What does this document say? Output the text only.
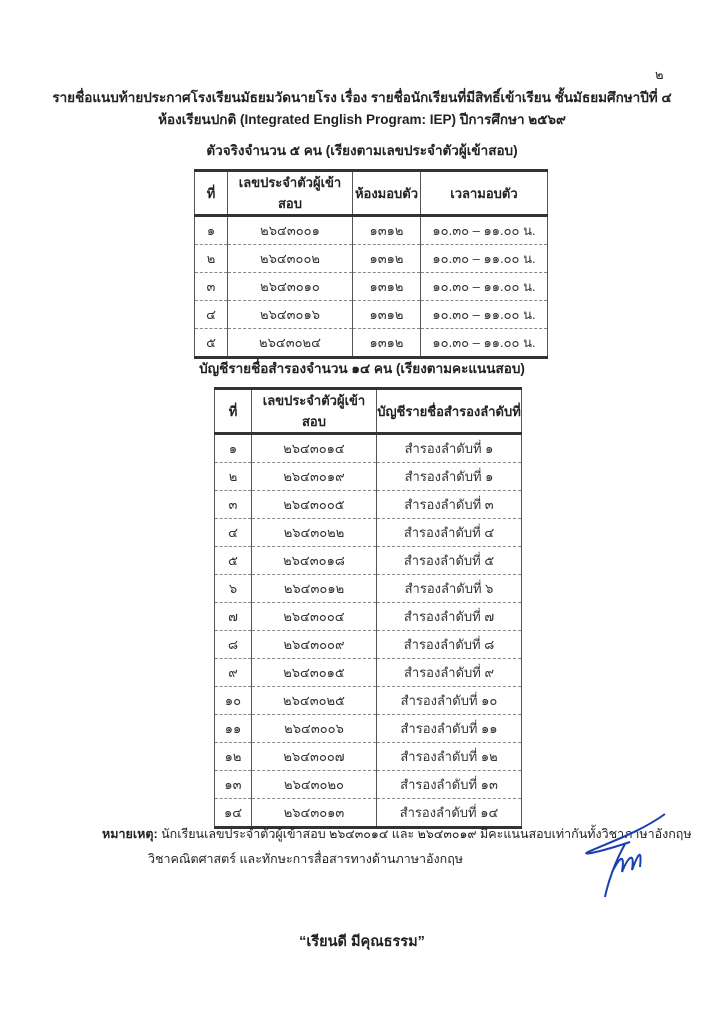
๒
รายชื่อแนบท้ายประกาศโรงเรียนมัธยมวัดนายโรง เรื่อง รายชื่อนักเรียนที่มีสิทธิ์เข้าเรียน ชั้นมัธยมศึกษาปีที่ ๔
ห้องเรียนปกติ (Integrated English Program: IEP) ปีการศึกษา ๒๕๖๙
ตัวจริงจำนวน ๕ คน (เรียงตามเลขประจำตัวผู้เข้าสอบ)
ที่	เลขประจำตัวผู้เข้าสอบ	ห้องมอบตัว	เวลามอบตัว
๑	๒๖๔๓๐๐๑	๑๓๑๒	๑๐.๓๐ – ๑๑.๐๐ น.
๒	๒๖๔๓๐๐๒	๑๓๑๒	๑๐.๓๐ – ๑๑.๐๐ น.
๓	๒๖๔๓๐๑๐	๑๓๑๒	๑๐.๓๐ – ๑๑.๐๐ น.
๔	๒๖๔๓๐๑๖	๑๓๑๒	๑๐.๓๐ – ๑๑.๐๐ น.
๕	๒๖๔๓๐๒๔	๑๓๑๒	๑๐.๓๐ – ๑๑.๐๐ น.
บัญชีรายชื่อสำรองจำนวน ๑๔ คน (เรียงตามคะแนนสอบ)
ที่	เลขประจำตัวผู้เข้าสอบ	บัญชีรายชื่อสำรองลำดับที่
๑	๒๖๔๓๐๑๔	สำรองลำดับที่ ๑
๒	๒๖๔๓๐๑๙	สำรองลำดับที่ ๑
๓	๒๖๔๓๐๐๕	สำรองลำดับที่ ๓
๔	๒๖๔๓๐๒๒	สำรองลำดับที่ ๔
๕	๒๖๔๓๐๑๘	สำรองลำดับที่ ๕
๖	๒๖๔๓๐๑๒	สำรองลำดับที่ ๖
๗	๒๖๔๓๐๐๔	สำรองลำดับที่ ๗
๘	๒๖๔๓๐๐๙	สำรองลำดับที่ ๘
๙	๒๖๔๓๐๑๕	สำรองลำดับที่ ๙
๑๐	๒๖๔๓๐๒๕	สำรองลำดับที่ ๑๐
๑๑	๒๖๔๓๐๐๖	สำรองลำดับที่ ๑๑
๑๒	๒๖๔๓๐๐๗	สำรองลำดับที่ ๑๒
๑๓	๒๖๔๓๐๒๐	สำรองลำดับที่ ๑๓
๑๔	๒๖๔๓๐๑๓	สำรองลำดับที่ ๑๔
หมายเหตุ: นักเรียนเลขประจำตัวผู้เข้าสอบ ๒๖๔๓๐๑๔ และ ๒๖๔๓๐๑๙ มีคะแนนสอบเท่ากันทั้งวิชาภาษาอังกฤษ
วิชาคณิตศาสตร์ และทักษะการสื่อสารทางด้านภาษาอังกฤษ
“เรียนดี มีคุณธรรม”
